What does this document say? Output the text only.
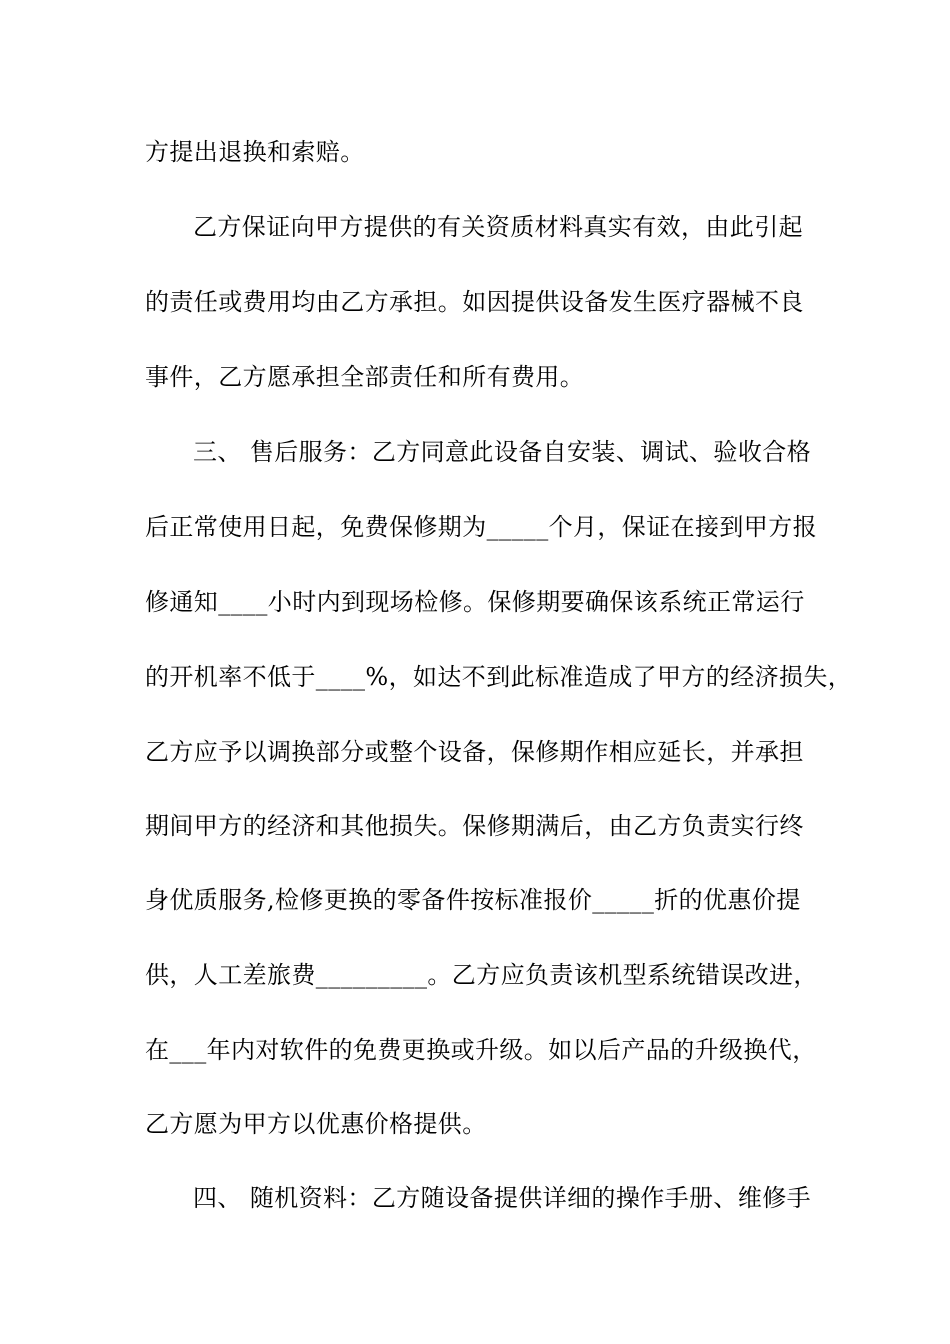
方提出退换和索赔。
乙方保证向甲方提供的有关资质材料真实有效，由此引起
的责任或费用均由乙方承担。如因提供设备发生医疗器械不良
事件，乙方愿承担全部责任和所有费用。
三、 售后服务：乙方同意此设备自安装、调试、验收合格
后正常使用日起，免费保修期为_____个月，保证在接到甲方报
修通知____小时内到现场检修。保修期要确保该系统正常运行
的开机率不低于____%，如达不到此标准造成了甲方的经济损失，
乙方应予以调换部分或整个设备，保修期作相应延长，并承担
期间甲方的经济和其他损失。保修期满后，由乙方负责实行终
身优质服务,检修更换的零备件按标准报价_____折的优惠价提
供，人工差旅费_________。乙方应负责该机型系统错误改进，
在___年内对软件的免费更换或升级。如以后产品的升级换代，
乙方愿为甲方以优惠价格提供。
四、 随机资料：乙方随设备提供详细的操作手册、维修手
